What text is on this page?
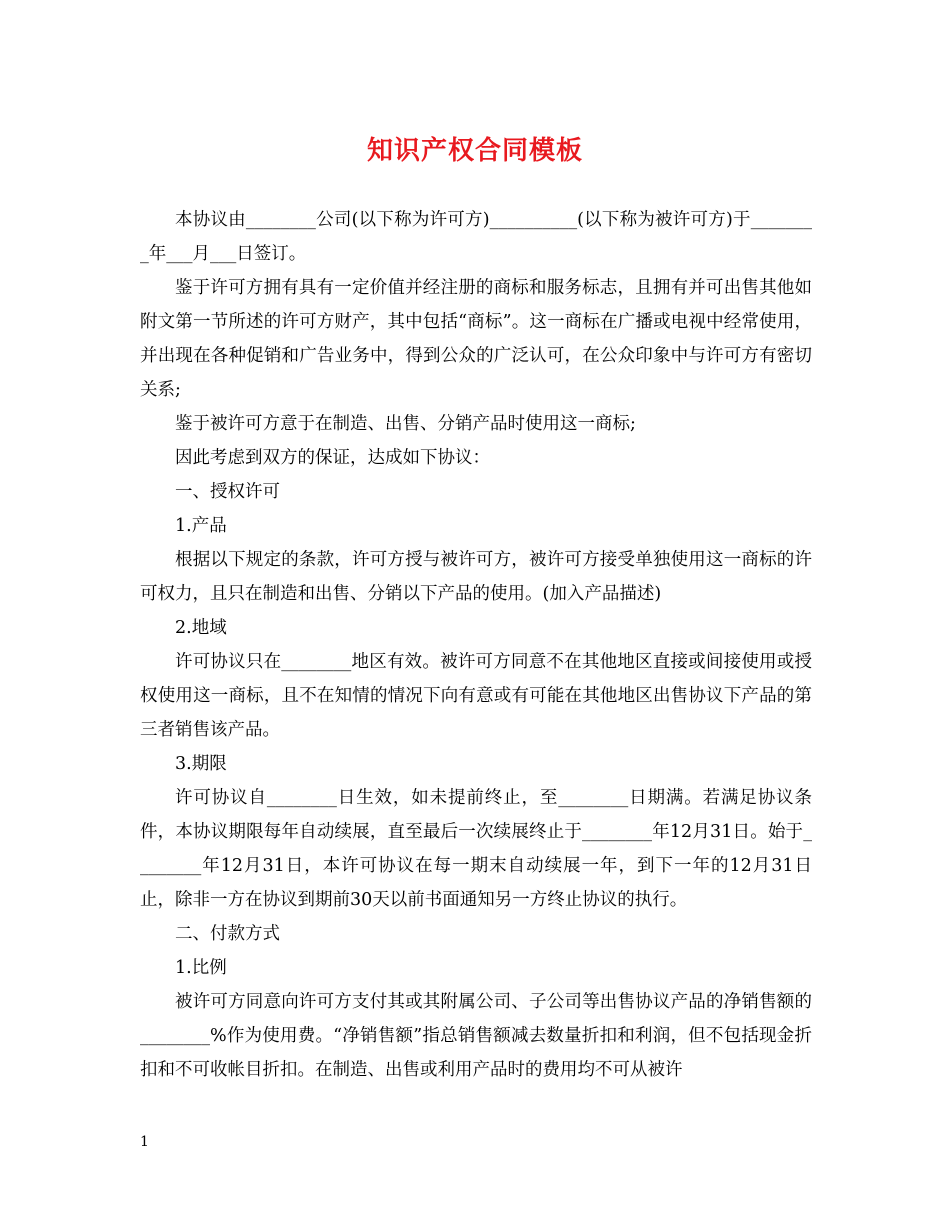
知识产权合同模板

本协议由________公司(以下称为许可方)__________(以下称为被许可方)于________年___月___日签订。

鉴于许可方拥有具有一定价值并经注册的商标和服务标志，且拥有并可出售其他如附文第一节所述的许可方财产，其中包括“商标”。这一商标在广播或电视中经常使用，并出现在各种促销和广告业务中，得到公众的广泛认可，在公众印象中与许可方有密切关系;

鉴于被许可方意于在制造、出售、分销产品时使用这一商标;

因此考虑到双方的保证，达成如下协议：

一、授权许可

1.产品

根据以下规定的条款，许可方授与被许可方，被许可方接受单独使用这一商标的许可权力，且只在制造和出售、分销以下产品的使用。(加入产品描述)

2.地域

许可协议只在________地区有效。被许可方同意不在其他地区直接或间接使用或授权使用这一商标，且不在知情的情况下向有意或有可能在其他地区出售协议下产品的第三者销售该产品。

3.期限

许可协议自________日生效，如未提前终止，至________日期满。若满足协议条件，本协议期限每年自动续展，直至最后一次续展终止于________年12月31日。始于________年12月31日，本许可协议在每一期末自动续展一年，到下一年的12月31日止，除非一方在协议到期前30天以前书面通知另一方终止协议的执行。

二、付款方式

1.比例

被许可方同意向许可方支付其或其附属公司、子公司等出售协议产品的净销售额的________%作为使用费。“净销售额”指总销售额减去数量折扣和利润，但不包括现金折扣和不可收帐目折扣。在制造、出售或利用产品时的费用均不可从被许

1
